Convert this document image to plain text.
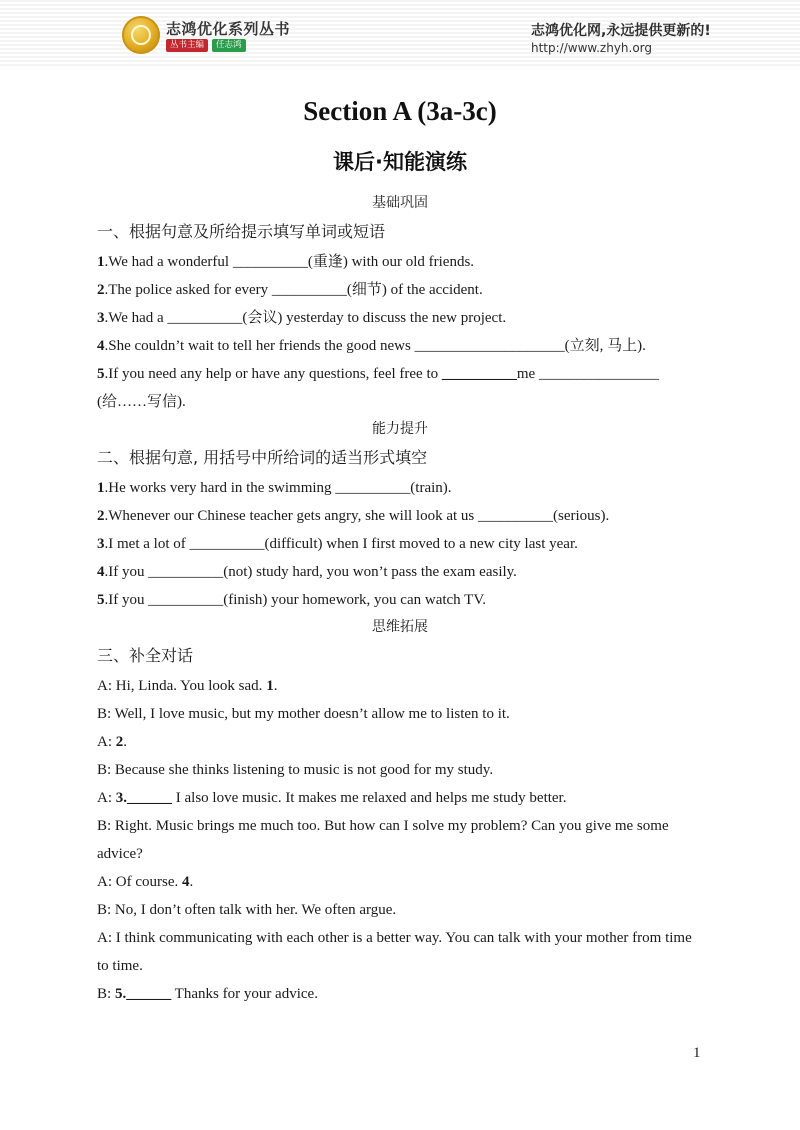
志鸿优化系列丛书
丛书主编	任志鸿
志鸿优化网,永远提供更新的!
http://www.zhyh.org
Section A (3a-3c)
课后·知能演练
基础巩固
一、根据句意及所给提示填写单词或短语
1.We had a wonderful __________(重逢) with our old friends.
2.The police asked for every __________(细节) of the accident.
3.We had a __________(会议) yesterday to discuss the new project.
4.She couldn’t wait to tell her friends the good news ____________________(立刻, 马上).
5.If you need any help or have any questions, feel free to __________me ________________
(给……写信).
能力提升
二、根据句意, 用括号中所给词的适当形式填空
1.He works very hard in the swimming __________(train).
2.Whenever our Chinese teacher gets angry, she will look at us __________(serious).
3.I met a lot of __________(difficult) when I first moved to a new city last year.
4.If you __________(not) study hard, you won’t pass the exam easily.
5.If you __________(finish) your homework, you can watch TV.
思维拓展
三、补全对话
A: Hi, Linda. You look sad. 1.
B: Well, I love music, but my mother doesn’t allow me to listen to it.
A: 2.
B: Because she thinks listening to music is not good for my study.
A: 3.______ I also love music. It makes me relaxed and helps me study better.
B: Right. Music brings me much too. But how can I solve my problem? Can you give me some advice?
A: Of course. 4.
B: No, I don’t often talk with her. We often argue.
A: I think communicating with each other is a better way. You can talk with your mother from time to time.
B: 5.______ Thanks for your advice.
1
